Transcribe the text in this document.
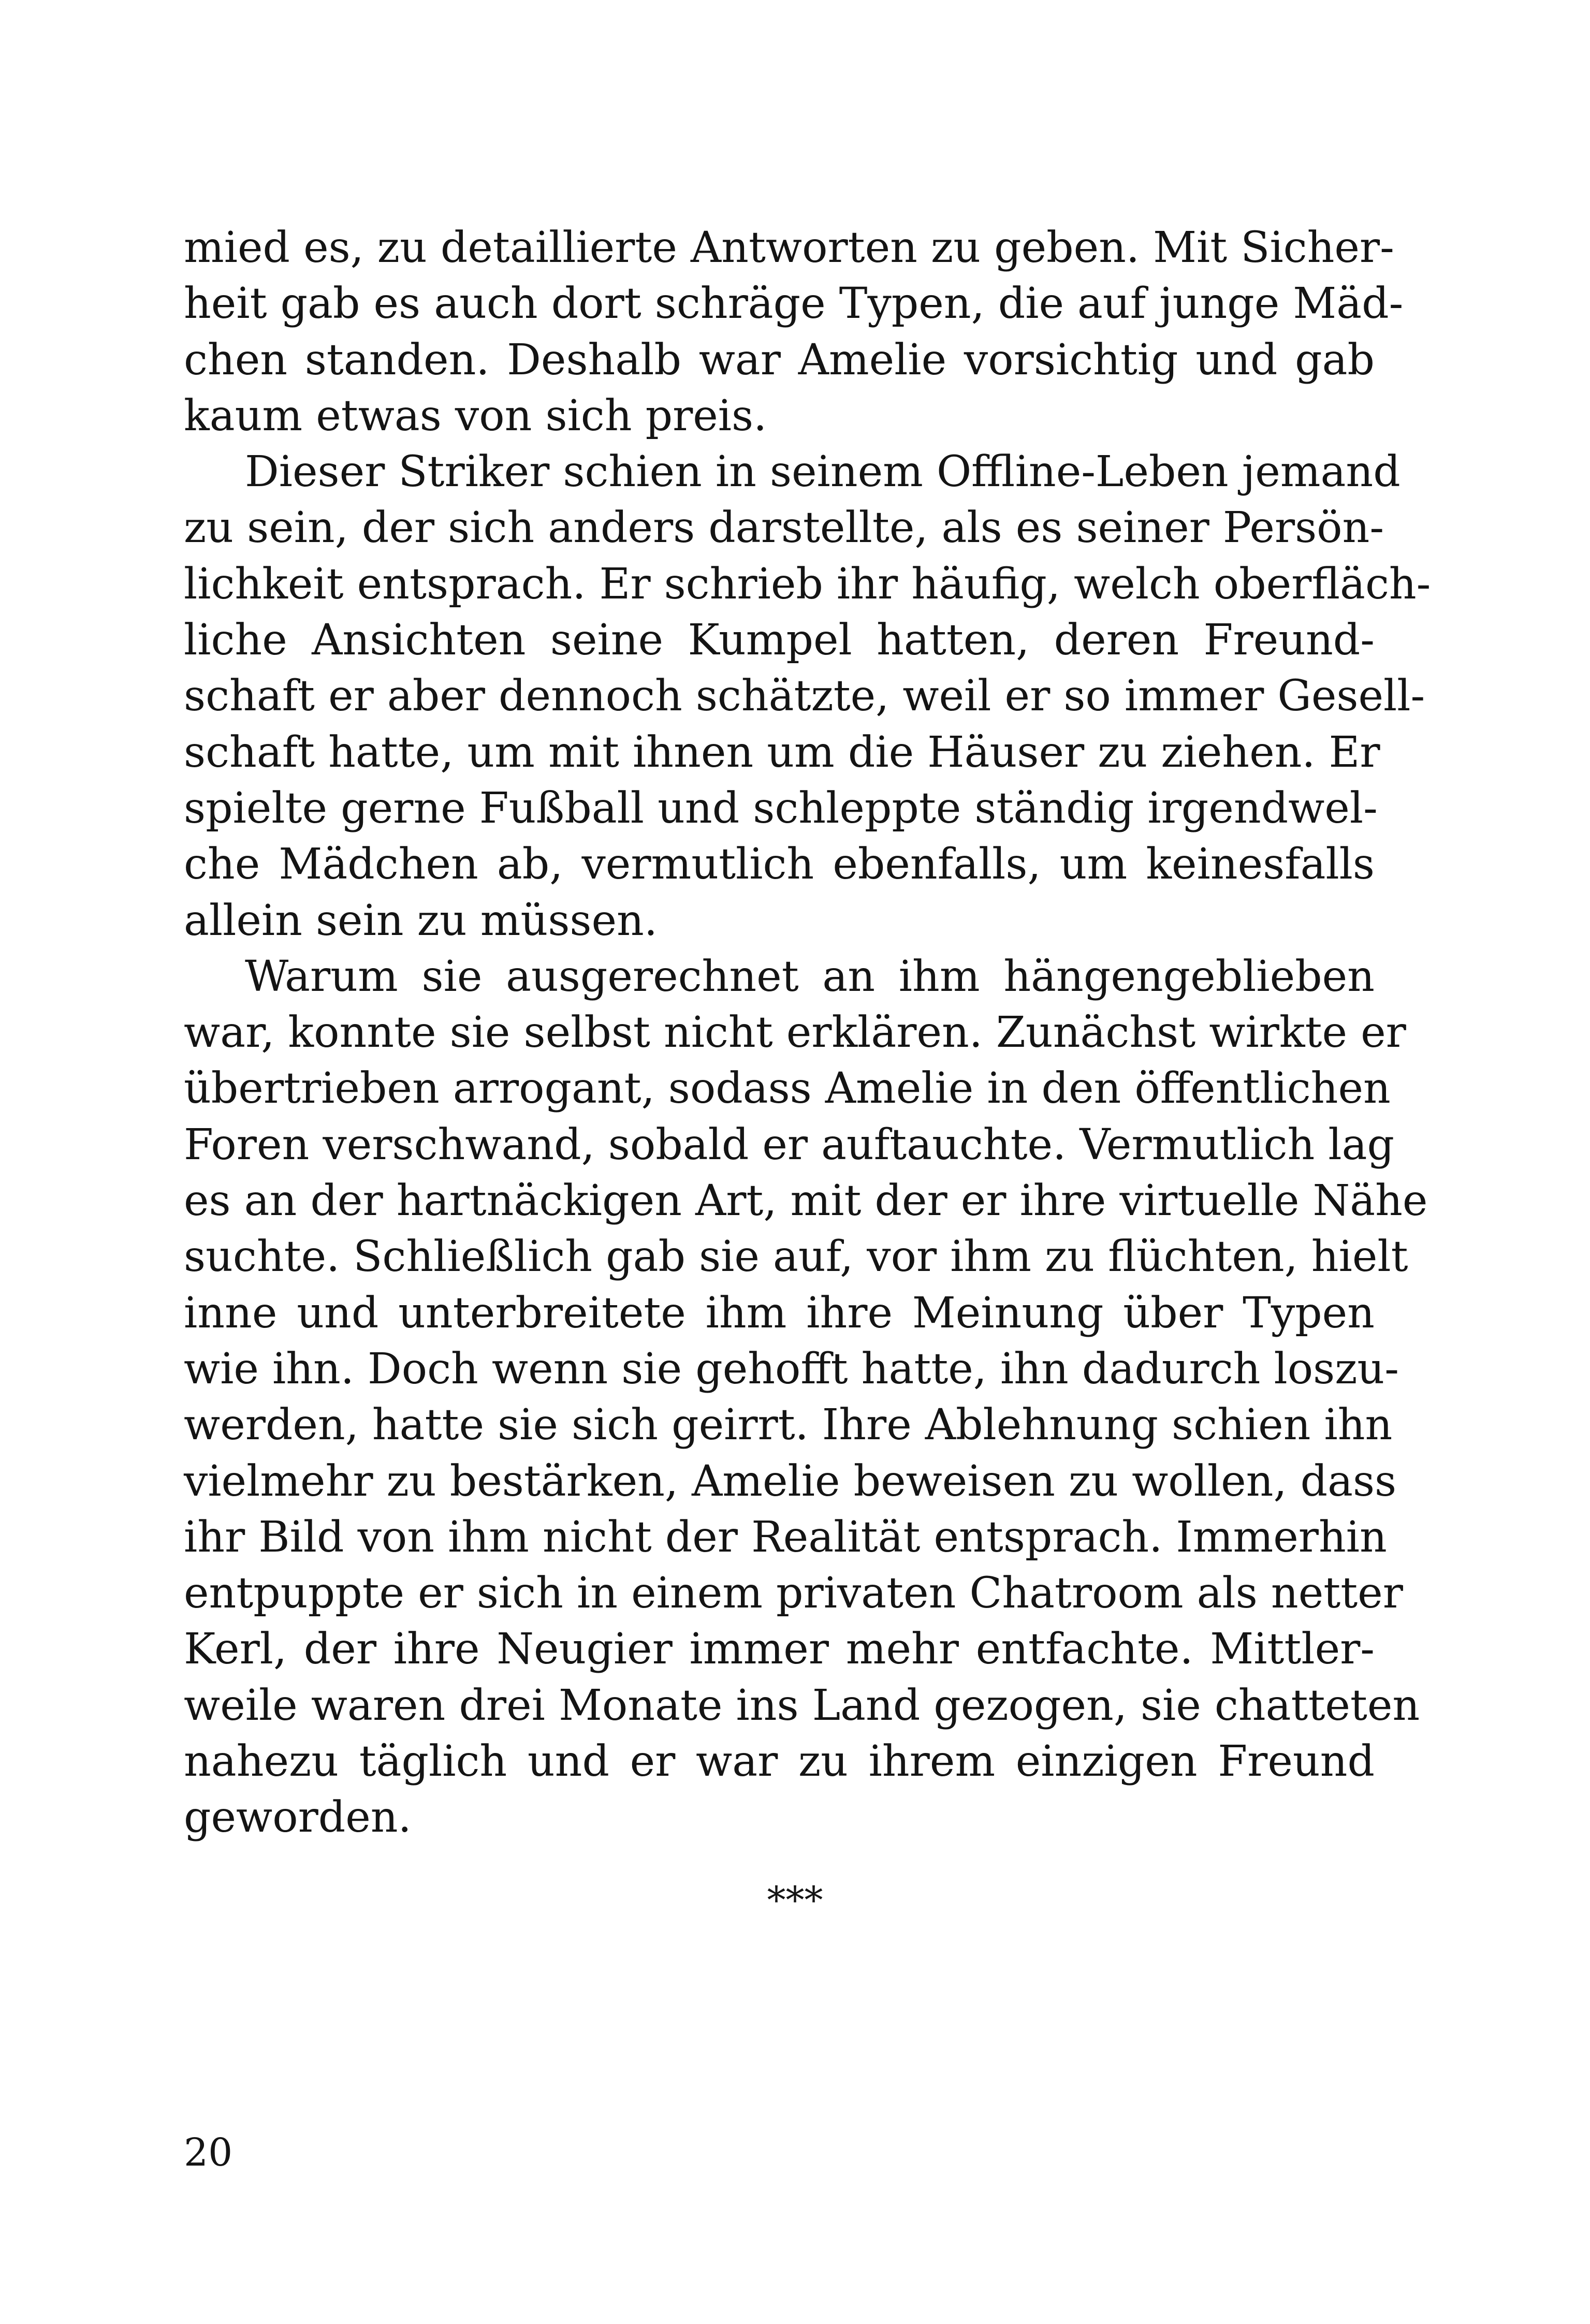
mied es, zu detaillierte Antworten zu geben. Mit Sicher-
heit gab es auch dort schräge Typen, die auf junge Mäd-
chen standen. Deshalb war Amelie vorsichtig und gab
kaum etwas von sich preis.
Dieser Striker schien in seinem Offline-Leben jemand
zu sein, der sich anders darstellte, als es seiner Persön-
lichkeit entsprach. Er schrieb ihr häufig, welch oberfläch-
liche Ansichten seine Kumpel hatten, deren Freund-
schaft er aber dennoch schätzte, weil er so immer Gesell-
schaft hatte, um mit ihnen um die Häuser zu ziehen. Er
spielte gerne Fußball und schleppte ständig irgendwel-
che Mädchen ab, vermutlich ebenfalls, um keinesfalls
allein sein zu müssen.
Warum sie ausgerechnet an ihm hängengeblieben
war, konnte sie selbst nicht erklären. Zunächst wirkte er
übertrieben arrogant, sodass Amelie in den öffentlichen
Foren verschwand, sobald er auftauchte. Vermutlich lag
es an der hartnäckigen Art, mit der er ihre virtuelle Nähe
suchte. Schließlich gab sie auf, vor ihm zu flüchten, hielt
inne und unterbreitete ihm ihre Meinung über Typen
wie ihn. Doch wenn sie gehofft hatte, ihn dadurch loszu-
werden, hatte sie sich geirrt. Ihre Ablehnung schien ihn
vielmehr zu bestärken, Amelie beweisen zu wollen, dass
ihr Bild von ihm nicht der Realität entsprach. Immerhin
entpuppte er sich in einem privaten Chatroom als netter
Kerl, der ihre Neugier immer mehr entfachte. Mittler-
weile waren drei Monate ins Land gezogen, sie chatteten
nahezu täglich und er war zu ihrem einzigen Freund
geworden.
***
20
